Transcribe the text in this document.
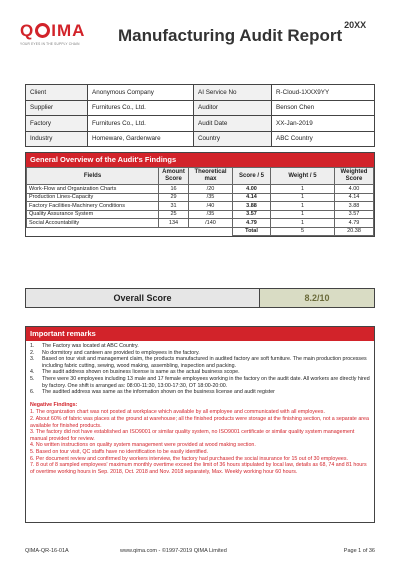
Q I M A
YOUR EYES IN THE SUPPLY CHAIN	Manufacturing Audit Report$^{20XX}$
Client	Anonymous Company	AI Service No	R-Cloud-1XXX9YY
Supplier	Furnitures Co., Ltd.	Auditor	Benson Chen
Factory	Furnitures Co., Ltd.	Audit Date	XX-Jan-2019
Industry	Homeware, Gardenware	Country	ABC Country
General Overview of the Audit's Findings
Fields	Amount Score	Theoretical max	Score / 5	Weight / 5	Weighted Score
Work-Flow and Organization Charts	16	/20	4.00	1	4.00
Production Lines-Capacity	29	/35	4.14	1	4.14
Factory Facilities-Machinery Conditions	31	/40	3.88	1	3.88
Quality Assurance System	25	/35	3.57	1	3.57
Social Accountability	134	/140	4.79	1	4.79
			Total	5	20.38
Overall Score	8.2/10
Important remarks
1.	The Factory was located at ABC Country.
2.	No dormitory and canteen are provided to employees in the factory.
3.	Based on tour visit and management claim, the products manufactured in audited factory are soft furniture. The main production processes including fabric cutting, sewing, wood making, assembling, inspection and packing.
4.	The audit address shown on business license is same as the actual business scope.
5.	There were 30 employees including 13 male and 17 female employees working in the factory on the audit date. All workers are directly hired by factory. One shift is arranged as: 08:00-11:30, 13:00-17:30, OT 18:00-20:00.
6.	The audited address was same as the information shown on the business license and audit register
Negative Findings:
1. The organization chart was not posted at workplace which available by all employee and communicated with all employees.
2. About 60% of fabric was places at the ground at warehouse; all the finished products were storage at the finishing section, not a separate area available for finished products.
3. The factory did not have established an ISO9001 or similar quality system, no ISO9001 certificate or similar quality system management manual provided for review.
4. No written instructions on quality system management were provided at wood making section.
5. Based on tour visit, QC staffs have no identification to be easily identified.
6. Per document review and confirmed by workers interview, the factory had purchased the social insurance for 15 out of 30 employees.
7. 8 out of 8 sampled employees' maximum monthly overtime exceed the limit of 36 hours stipulated by local law, details as 68, 74 and 81 hours of overtime working hours in Sep. 2018, Oct. 2018 and Nov. 2018 separately, Max. Weekly working hour 60 hours.
QIMA-QR-16-01A	www.qima.com - ©1997-2019 QIMA Limited	Page 1 of 36
